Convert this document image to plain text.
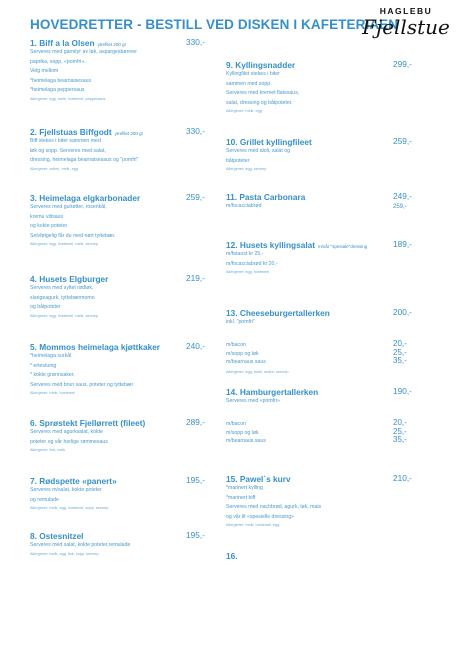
HOVEDRETTER - BESTILL VED DISKEN I KAFETERIAEN
HAGLEBU
Fjellstue
1. Biff a la Olsen ytrefilet 200 gr
Serveres med garnityr av løk, aspargesbønner
paprika, sopp, «pomfri».
Velg mellom
*heimelaga bearnaisesaus
*heimelaga peppersaus
Allergener: egg, melk, hvetemel, peppersaus
330,-
2. Fjellstuas Biffgodt ytrefilet 200 gr
Biff stekes i biter sammen med
løk og sopp. Serveres med salat,
dressing, heimelaga bearnaisesaus og "pomfri"
Allergener: selleri, melk, egg
330,-
3. Heimelaga elgkarbonader
Serveres med gulrøtter, rosenkål,
kremu viltsaus
og kokte poteter
Selvfølgelig får du med nørt tyttebær.
Allergener: egg, hvetemel, melk, sennep
259,-
4. Husets Elgburger
Serveres med syltet rødløk,
slangeagurk, tyttebærmomo
og båtpoteter
Allergener: egg, hvetemel, melk, sennep
219,-
5. Mommos heimelaga kjøttkaker
*heimelaga surkål
* ertestuing
* kokte grønnsaker.
Serveres med brun saus, poteter og tyttebær
Allergener: melk, hvetemel
240,-
6. Sprøstekt Fjellørrett (fileet)
Serveres med agurksalat, kokte
poteter og vår herlige rømmesaus
Allergener: fisk, melk
289,-
7. Rødspette «panert»
Serveres m/salat, kokte poteter
og remulade
Allergener: melk, egg, hvetemel, sopp, sennep
195,-
8. Ostesnitzel
Serveres med salat, kokte poteter,remulade
Allergener: melk, egg, fisk, sopp, sennep
195,-
9. Kyllingsnadder
Kyllingfilet stekes i biter
sammen med sopp.
Serveres med kremet flatesaus,
salat, dressing og båtpoteter.
Allergener: melk, egg
299,-
10. Grillet kyllingfileet
Serveres med aioli, salat og
båtpoteter
Allergener: egg, sennep
259,-
11. Pasta Carbonara
m/focacciabrød
249,-
259,-
12. Husets kyllingsalat m/vår "spesiale"dressing
m/fetaost kr 25,-
m/focacciabrød kr 20,-
Allergener: egg, hvetemel
189,-
13. Cheeseburgertallerken
inkl. "pomfri"
200,-
m/bacon	20,-
m/sopp og løk	25,-
m/bearnaus saus	35,-
Allergener: egg, melk, selleri, sennep
14. Hamburgertallerken
Serveres med «pomfri»
190,-
m/bacon	20,-
m/sopp og løk	25,-
m/bearnaus saus	35,-
15. Pawel`s kurv
*marinert kylling
*marinert biff
Serveres med nachbrød, agurk, løk, mais
og vår lit «spesielle dressing»
Allergener: melk, hvetemel, egg
210,-
16.
